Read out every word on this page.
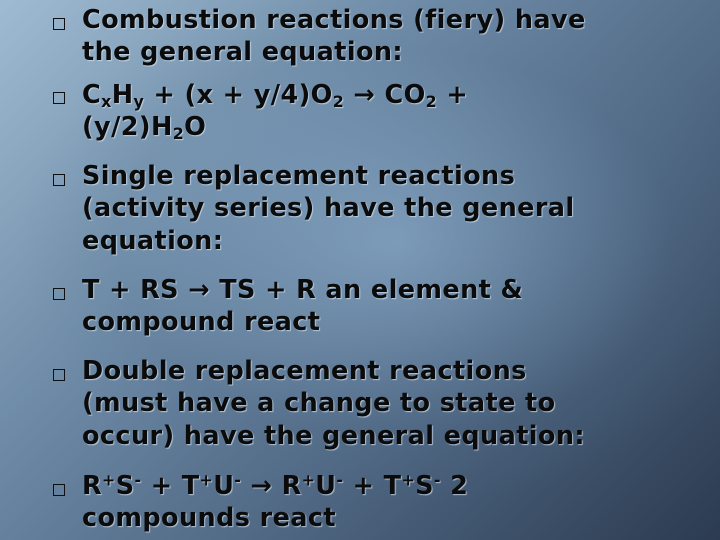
Combustion reactions (fiery) have
the general equation:
$C_xH_y + (x + y/4)O_2 \to CO_2$ +
$(y/2)H_2O$
Single replacement reactions
(activity series) have the general
equation:
T + RS → TS + R an element &
compound react
Double replacement reactions
(must have a change to state to
occur) have the general equation:
R+S- + T+U- → R+U- + T+S- 2
compounds react
